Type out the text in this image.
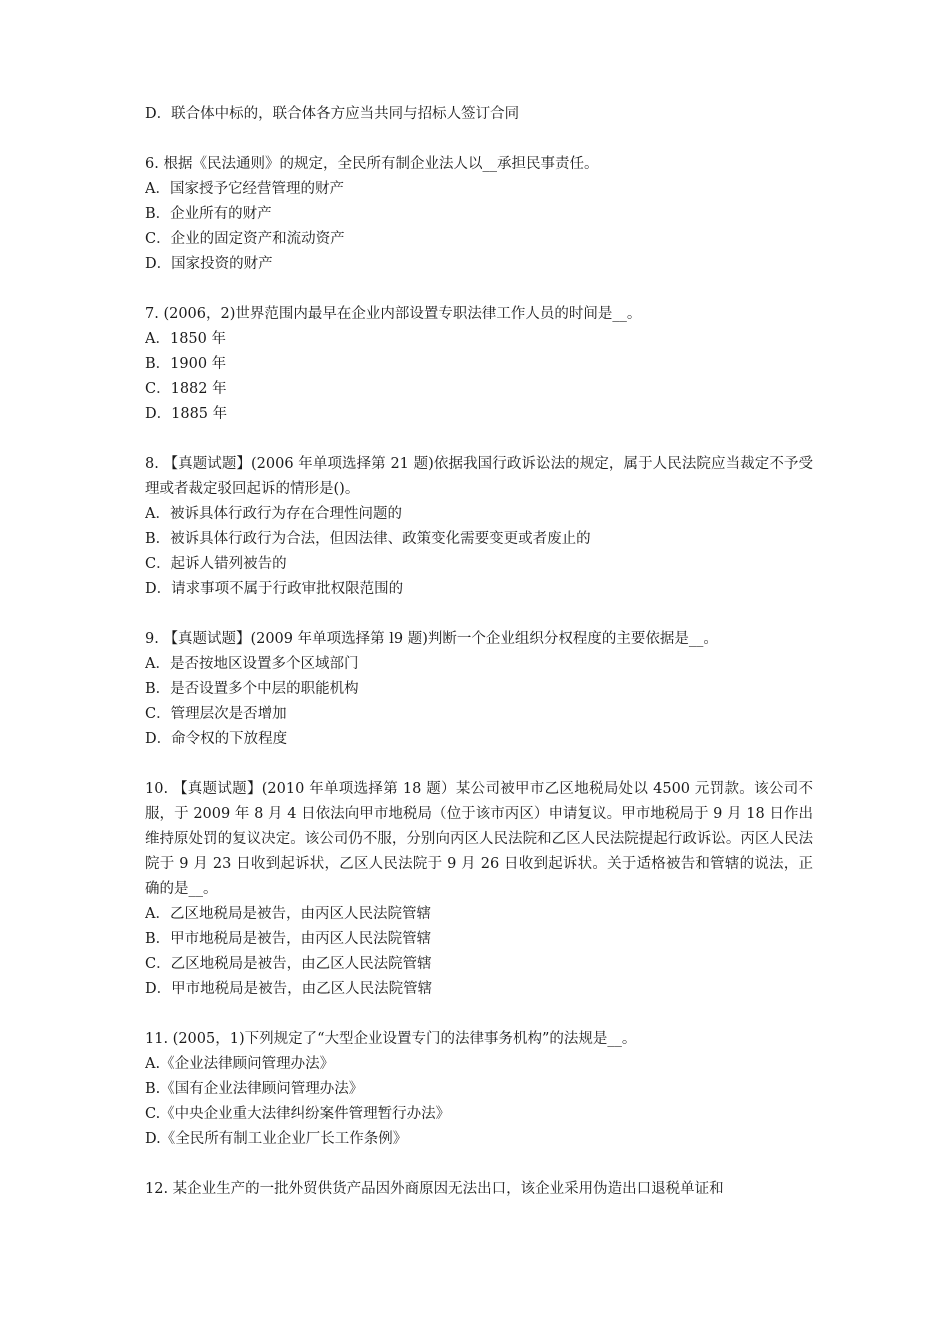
D．联合体中标的，联合体各方应当共同与招标人签订合同
6. 根据《民法通则》的规定，全民所有制企业法人以__承担民事责任。
A．国家授予它经营管理的财产
B．企业所有的财产
C．企业的固定资产和流动资产
D．国家投资的财产
7. (2006，2)世界范围内最早在企业内部设置专职法律工作人员的时间是__。
A．1850 年
B．1900 年
C．1882 年
D．1885 年
8. 【真题试题】(2006 年单项选择第 21 题)依据我国行政诉讼法的规定，属于人民法院应当裁定不予受理或者裁定驳回起诉的情形是()。
A．被诉具体行政行为存在合理性问题的
B．被诉具体行政行为合法，但因法律、政策变化需要变更或者废止的
C．起诉人错列被告的
D．请求事项不属于行政审批权限范围的
9. 【真题试题】(2009 年单项选择第 l9 题)判断一个企业组织分权程度的主要依据是__。
A．是否按地区设置多个区域部门
B．是否设置多个中层的职能机构
C．管理层次是否增加
D．命令权的下放程度
10. 【真题试题】(2010 年单项选择第 18 题）某公司被甲市乙区地税局处以 4500 元罚款。该公司不服，于 2009 年 8 月 4 日依法向甲市地税局（位于该市丙区）申请复议。甲市地税局于 9 月 18 日作出维持原处罚的复议决定。该公司仍不服，分别向丙区人民法院和乙区人民法院提起行政诉讼。丙区人民法院于 9 月 23 日收到起诉状，乙区人民法院于 9 月 26 日收到起诉状。关于适格被告和管辖的说法，正确的是__。
A．乙区地税局是被告，由丙区人民法院管辖
B．甲市地税局是被告，由丙区人民法院管辖
C．乙区地税局是被告，由乙区人民法院管辖
D．甲市地税局是被告，由乙区人民法院管辖
11. (2005，1)下列规定了“大型企业设置专门的法律事务机构”的法规是__。
A.《企业法律顾问管理办法》
B.《国有企业法律顾问管理办法》
C.《中央企业重大法律纠纷案件管理暂行办法》
D.《全民所有制工业企业厂长工作条例》
12. 某企业生产的一批外贸供货产品因外商原因无法出口，该企业采用伪造出口退税单证和
